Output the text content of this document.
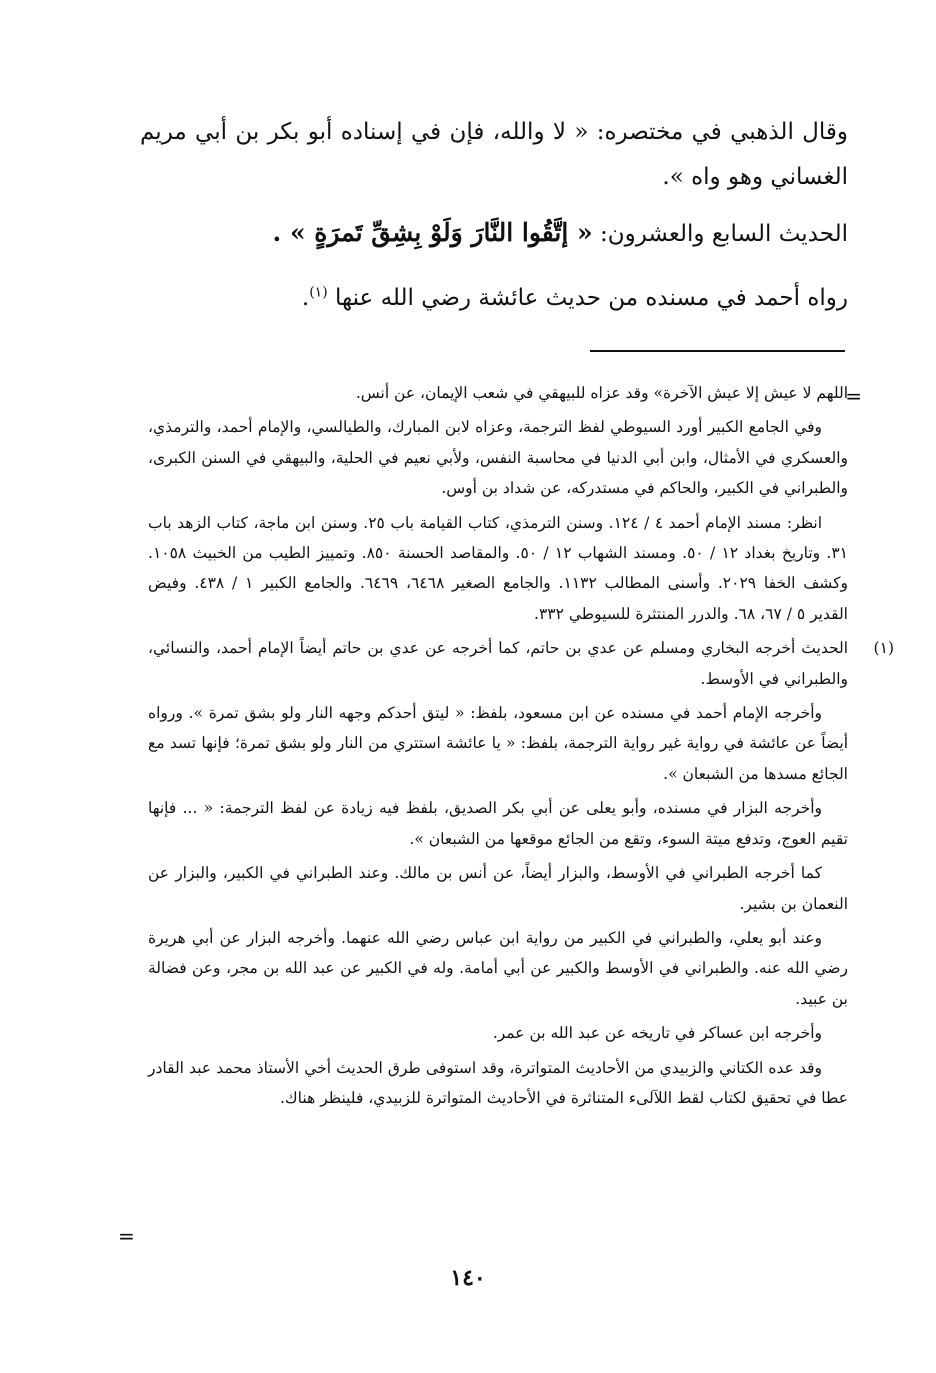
وقال الذهبي في مختصره: « لا والله، فإن في إسناده أبو بكر بن أبي مريم الغساني وهو واه ».

الحديث السابع والعشرون: « إتَّقُوا النَّارَ وَلَوْ بِشِقِّ تَمرَةٍ » .

رواه أحمد في مسنده من حديث عائشة رضي الله عنها $^{(١)}$.

=

اللهم لا عيش إلا عيش الآخرة» وقد عزاه للبيهقي في شعب الإيمان، عن أنس.

وفي الجامع الكبير أورد السيوطي لفظ الترجمة، وعزاه لابن المبارك، والطيالسي، والإمام أحمد، والترمذي، والعسكري في الأمثال، وابن أبي الدنيا في محاسبة النفس، ولأبي نعيم في الحلية، والبيهقي في السنن الكبرى، والطبراني في الكبير، والحاكم في مستدركه، عن شداد بن أوس.

انظر: مسند الإمام أحمد ٤ / ١٢٤. وسنن الترمذي، كتاب القيامة باب ٢٥. وسنن ابن ماجة، كتاب الزهد باب ٣١. وتاريخ بغداد ١٢ / ٥٠. ومسند الشهاب ١٢ / ٥٠. والمقاصد الحسنة ٨٥٠. وتمييز الطيب من الخبيث ١٠٥٨. وكشف الخفا ٢٠٢٩. وأسنى المطالب ١١٣٢. والجامع الصغير ٦٤٦٨، ٦٤٦٩. والجامع الكبير ١ / ٤٣٨. وفيض القدير ٥ / ٦٧، ٦٨. والدرر المنتثرة للسيوطي ٣٣٢.

(١)
الحديث أخرجه البخاري ومسلم عن عدي بن حاتم، كما أخرجه عن عدي بن حاتم أيضاً الإمام أحمد، والنسائي، والطبراني في الأوسط.

وأخرجه الإمام أحمد في مسنده عن ابن مسعود، بلفظ: « ليتق أحدكم وجهه النار ولو بشق تمرة ». ورواه أيضاً عن عائشة في رواية غير رواية الترجمة، بلفظ: « يا عائشة استتري من النار ولو بشق تمرة؛ فإنها تسد مع الجائع مسدها من الشبعان ».

وأخرجه البزار في مسنده، وأبو يعلى عن أبي بكر الصديق، بلفظ فيه زيادة عن لفظ الترجمة: « ... فإنها تقيم العوج، وتدفع ميتة السوء، وتقع من الجائع موقعها من الشبعان ».

كما أخرجه الطبراني في الأوسط، والبزار أيضاً، عن أنس بن مالك. وعند الطبراني في الكبير، والبزار عن النعمان بن بشير.

وعند أبو يعلي، والطبراني في الكبير من رواية ابن عباس رضي الله عنهما. وأخرجه البزار عن أبي هريرة رضي الله عنه. والطبراني في الأوسط والكبير عن أبي أمامة. وله في الكبير عن عبد الله بن مجر، وعن فضالة بن عبيد.

وأخرجه ابن عساكر في تاريخه عن عبد الله بن عمر.

وقد عده الكتاني والزبيدي من الأحاديث المتواترة، وقد استوفى طرق الحديث أخي الأستاذ محمد عبد القادر عطا في تحقيق لكتاب لقط اللآلىء المتناثرة في الأحاديث المتواترة للزبيدي، فلينظر هناك.

=
١٤٠
